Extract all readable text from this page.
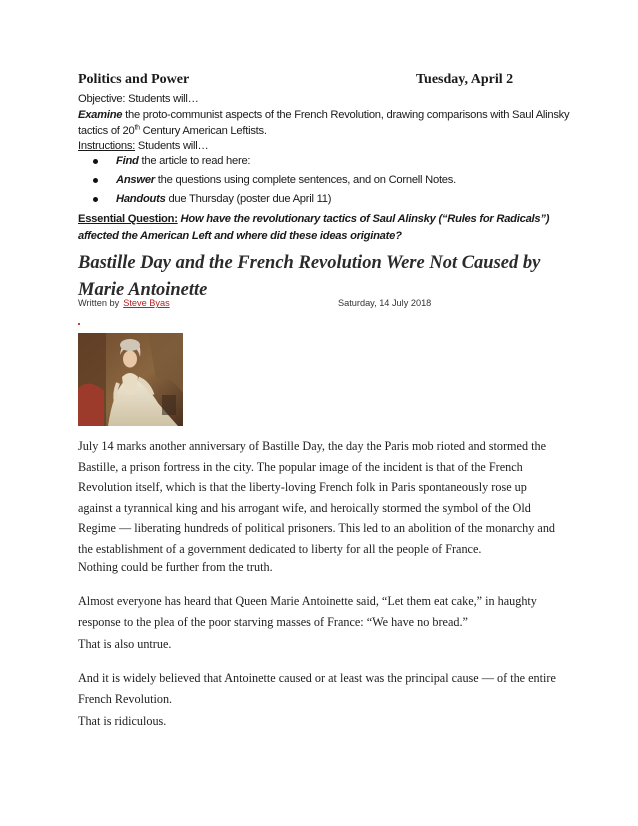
Politics and Power	Tuesday, April 2
Objective: Students will…
Examine the proto-communist aspects of the French Revolution, drawing comparisons with Saul Alinsky
tactics of 20th Century American Leftists.
Instructions: Students will…
Find the article to read here:
Answer the questions using complete sentences, and on Cornell Notes.
Handouts due Thursday (poster due April 11)
Essential Question: How have the revolutionary tactics of Saul Alinsky (“Rules for Radicals”) affected the American Left and where did these ideas originate?
Bastille Day and the French Revolution Were Not Caused by Marie Antoinette
Written by Steve Byas	Saturday, 14 July 2018
July 14 marks another anniversary of Bastille Day, the day the Paris mob rioted and stormed the Bastille, a prison fortress in the city. The popular image of the incident is that of the French Revolution itself, which is that the liberty-loving French folk in Paris spontaneously rose up against a tyrannical king and his arrogant wife, and heroically stormed the symbol of the Old Regime — liberating hundreds of political prisoners. This led to an abolition of the monarchy and the establishment of a government dedicated to liberty for all the people of France.
Nothing could be further from the truth.
Almost everyone has heard that Queen Marie Antoinette said, “Let them eat cake,” in haughty response to the plea of the poor starving masses of France: “We have no bread.”
That is also untrue.
And it is widely believed that Antoinette caused or at least was the principal cause — of the entire French Revolution.
That is ridiculous.
